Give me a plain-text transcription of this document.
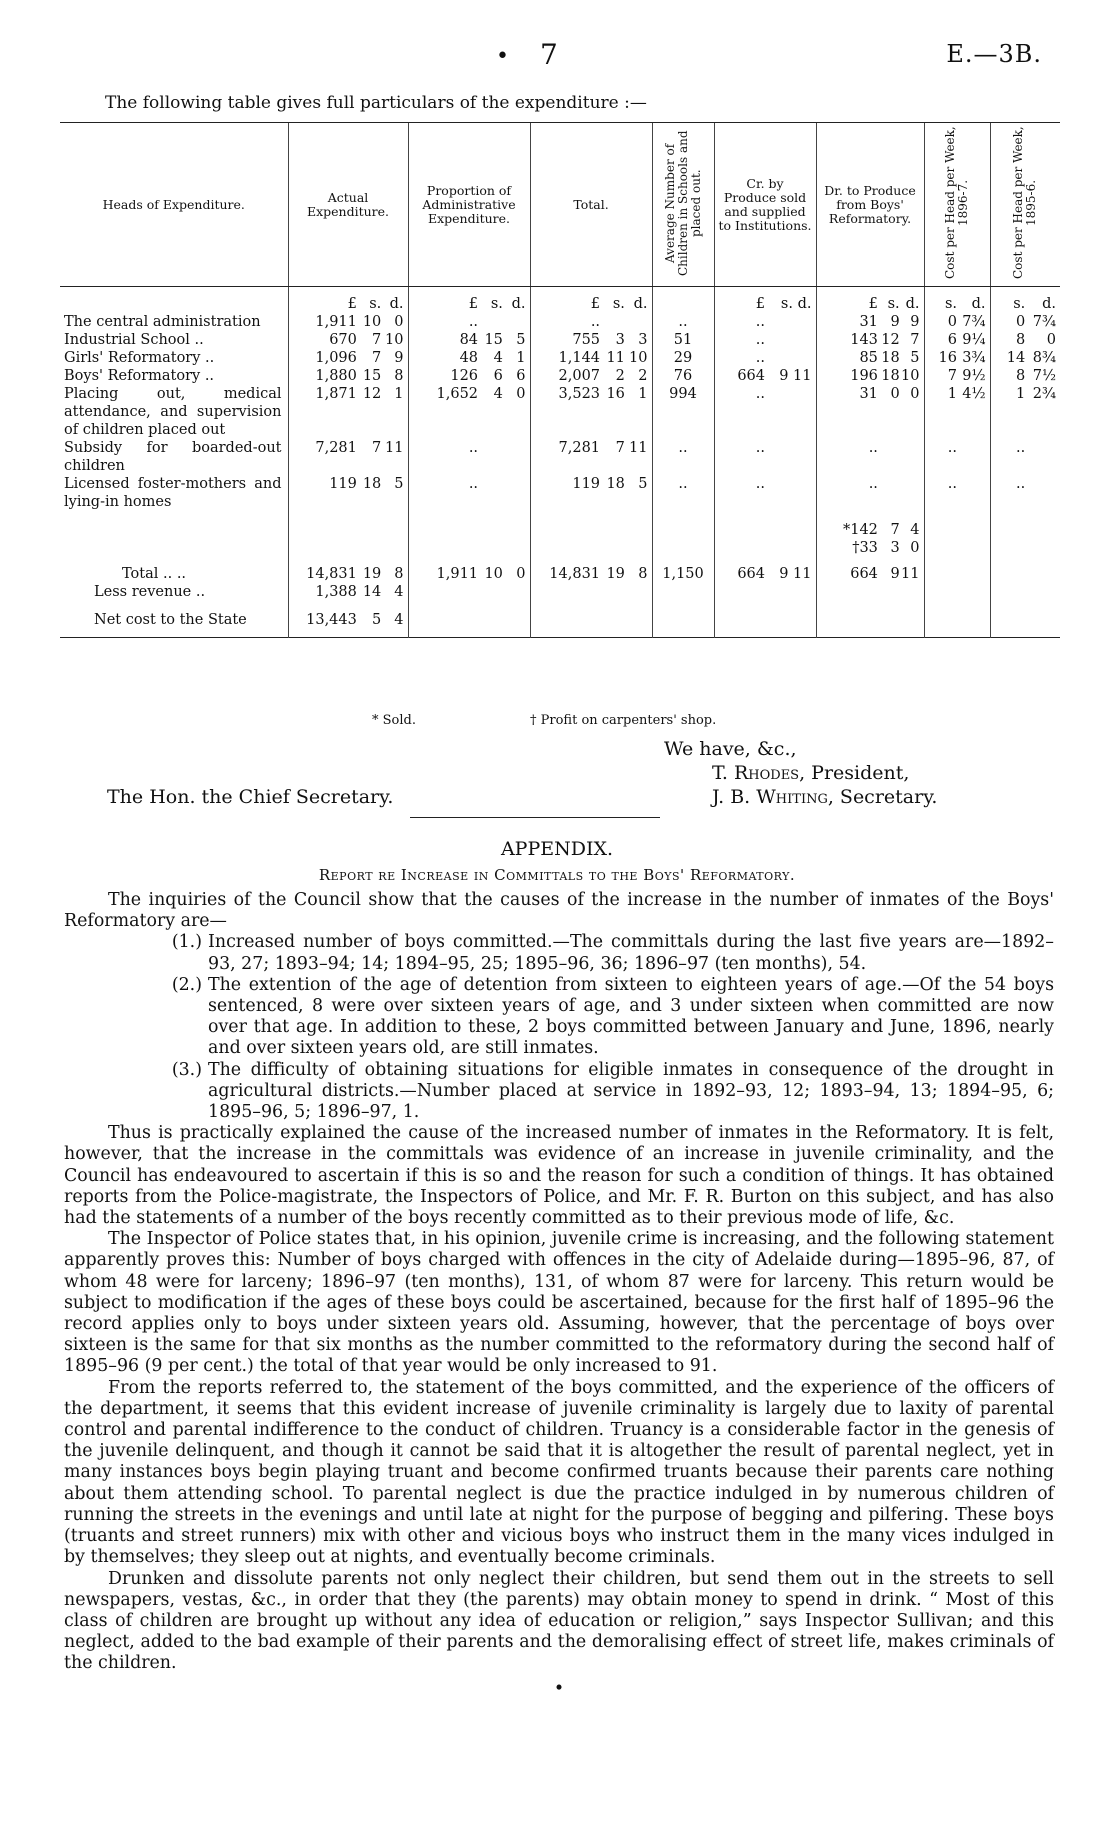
• 7	E.—3B.
The following table gives full particulars of the expenditure :—
Heads of Expenditure.	Actual Expenditure.	Proportion of Administrative Expenditure.	Total.	Average Number of Children in Schools and placed out.	Cr. by Produce sold and supplied to Institutions.	Dr. to Produce from Boys' Reformatory.	Cost per Head per Week, 1896-7.	Cost per Head per Week, 1895-6.

	£ s. d.	£ s. d.	£ s. d.		£ s. d.	£ s. d.	s. d.	s. d.

The central administration	1,911 10 0	..	..	..	..	31 9 9	0 7¾	0 7¾

Industrial School ..	670 7 10	84 15 5	755 3 3	51	..	143 12 7	6 9¼	8 0

Girls' Reformatory ..	1,096 7 9	48 4 1	1,144 11 10	29	..	85 18 5	16 3¾	14 8¾

Boys' Reformatory ..	1,880 15 8	126 6 6	2,007 2 2	76	664 9 11	196 18 10	7 9½	8 7½

Placing out, medical attendance, and supervision of children placed out	1,871 12 1	1,652 4 0	3,523 16 1	994	..	31 0 0	1 4½	1 2¾

Subsidy for boarded-out children	7,281 7 11	..	7,281 7 11	..	..	..	..	..

Licensed foster-mothers and lying-in homes	119 18 5	..	119 18 5	..	..	..	..	..

						*142 7 4		

						†33 3 0		

Total .. ..	14,831 19 8	1,911 10 0	14,831 19 8	1,150	664 9 11	664 9 11		

Less revenue ..	1,388 14 4							

Net cost to the State	13,443 5 4							

* Sold.	† Profit on carpenters' shop.
We have, &c.,
T. Rhodes, President,
J. B. Whiting, Secretary.
The Hon. the Chief Secretary.
APPENDIX.
Report re Increase in Committals to the Boys' Reformatory.

The inquiries of the Council show that the causes of the increase in the number of inmates of the Boys' Reformatory are—

(1.) Increased number of boys committed.—The committals during the last five years are—1892–93, 27; 1893–94; 14; 1894–95, 25; 1895–96, 36; 1896–97 (ten months), 54.
(2.) The extention of the age of detention from sixteen to eighteen years of age.—Of the 54 boys sentenced, 8 were over sixteen years of age, and 3 under sixteen when committed are now over that age. In addition to these, 2 boys committed between January and June, 1896, nearly and over sixteen years old, are still inmates.
(3.) The difficulty of obtaining situations for eligible inmates in consequence of the drought in agricultural districts.—Number placed at service in 1892–93, 12; 1893–94, 13; 1894–95, 6; 1895–96, 5; 1896–97, 1.

Thus is practically explained the cause of the increased number of inmates in the Reformatory. It is felt, however, that the increase in the committals was evidence of an increase in juvenile criminality, and the Council has endeavoured to ascertain if this is so and the reason for such a condition of things. It has obtained reports from the Police-magistrate, the Inspectors of Police, and Mr. F. R. Burton on this subject, and has also had the statements of a number of the boys recently committed as to their previous mode of life, &c.

The Inspector of Police states that, in his opinion, juvenile crime is increasing, and the following statement apparently proves this: Number of boys charged with offences in the city of Adelaide during—1895–96, 87, of whom 48 were for larceny; 1896–97 (ten months), 131, of whom 87 were for larceny. This return would be subject to modification if the ages of these boys could be ascertained, because for the first half of 1895–96 the record applies only to boys under sixteen years old. Assuming, however, that the percentage of boys over sixteen is the same for that six months as the number committed to the reformatory during the second half of 1895–96 (9 per cent.) the total of that year would be only increased to 91.

From the reports referred to, the statement of the boys committed, and the experience of the officers of the department, it seems that this evident increase of juvenile criminality is largely due to laxity of parental control and parental indifference to the conduct of children. Truancy is a considerable factor in the genesis of the juvenile delinquent, and though it cannot be said that it is altogether the result of parental neglect, yet in many instances boys begin playing truant and become confirmed truants because their parents care nothing about them attending school. To parental neglect is due the practice indulged in by numerous children of running the streets in the evenings and until late at night for the purpose of begging and pilfering. These boys (truants and street runners) mix with other and vicious boys who instruct them in the many vices indulged in by themselves; they sleep out at nights, and eventually become criminals.

Drunken and dissolute parents not only neglect their children, but send them out in the streets to sell newspapers, vestas, &c., in order that they (the parents) may obtain money to spend in drink. “ Most of this class of children are brought up without any idea of education or religion,” says Inspector Sullivan; and this neglect, added to the bad example of their parents and the demoralising effect of street life, makes criminals of the children.

•
